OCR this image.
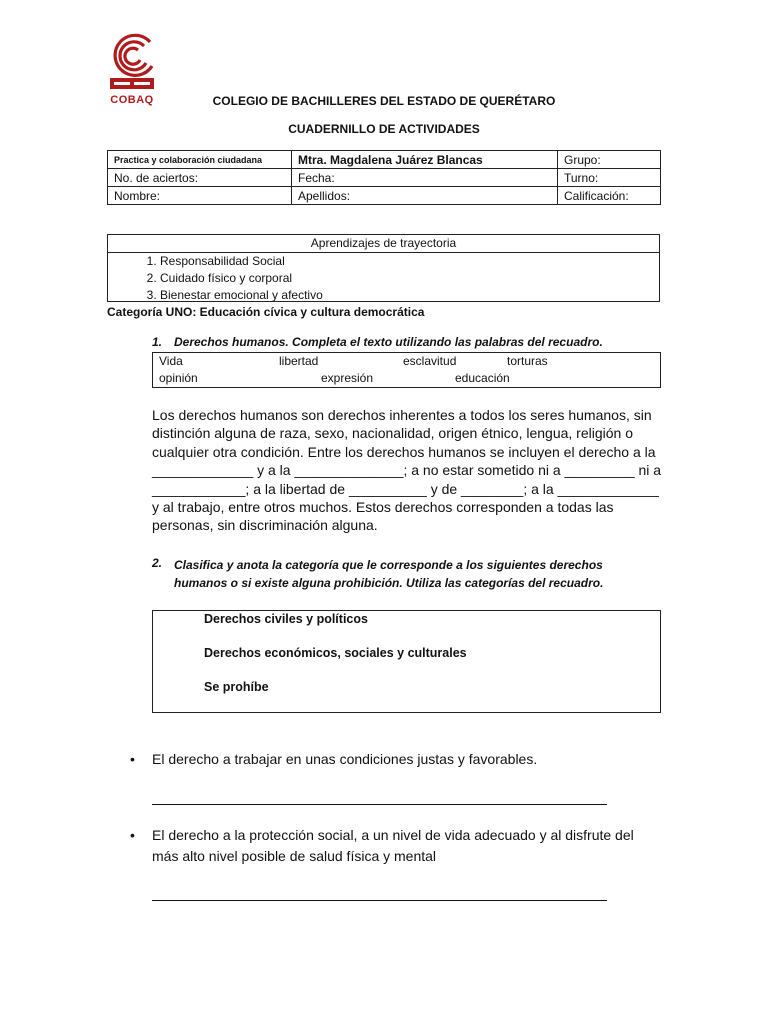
COBAQ	COLEGIO DE BACHILLERES DEL ESTADO DE QUERÉTARO
CUADERNILLO DE ACTIVIDADES
Practica y colaboración ciudadana	Mtra. Magdalena Juárez Blancas	Grupo:
No. de aciertos:	Fecha:	Turno:
Nombre:	Apellidos:	Calificación:
Aprendizajes de trayectoria
1. Responsabilidad Social
2. Cuidado físico y corporal
3. Bienestar emocional y afectivo
Categoría UNO: Educación cívica y cultura democrática
1. Derechos humanos. Completa el texto utilizando las palabras del recuadro.
Vida	libertad	esclavitud	torturas
opinión	expresión	educación
Los derechos humanos son derechos inherentes a todos los seres humanos, sin distinción alguna de raza, sexo, nacionalidad, origen étnico, lengua, religión o cualquier otra condición. Entre los derechos humanos se incluyen el derecho a la _____________ y a la ______________; a no estar sometido ni a _________ ni a ____________; a la libertad de __________ y de ________; a la _____________ y al trabajo, entre otros muchos. Estos derechos corresponden a todas las personas, sin discriminación alguna.
2. Clasifica y anota la categoría que le corresponde a los siguientes derechos humanos o si existe alguna prohibición. Utiliza las categorías del recuadro.
Derechos civiles y políticos
Derechos económicos, sociales y culturales
Se prohíbe
• El derecho a trabajar en unas condiciones justas y favorables.
• El derecho a la protección social, a un nivel de vida adecuado y al disfrute del más alto nivel posible de salud física y mental
